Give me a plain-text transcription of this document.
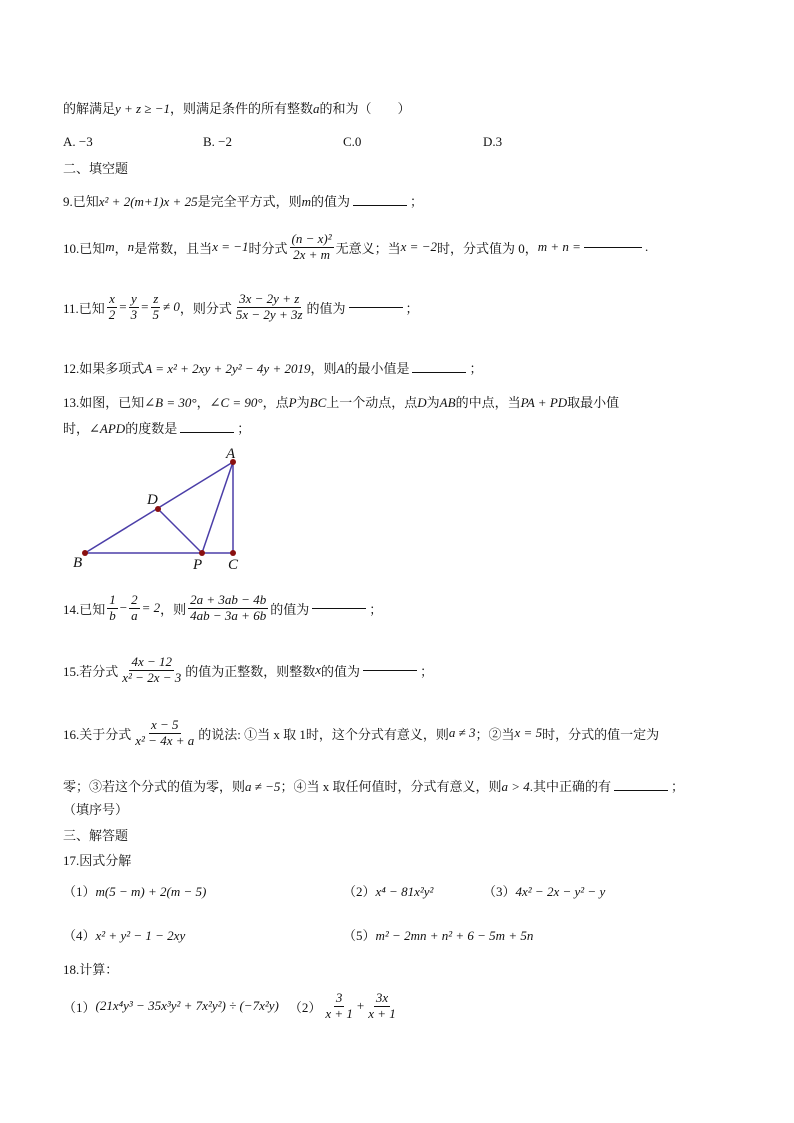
的解满足y + z ≥ −1，则满足条件的所有整数a的和为（　　）
A. −3	B. −2	C.0	D.3
二、填空题
9.已知x² + 2(m+1)x + 25是完全平方式，则m的值为	；
10.已知 m ， n 是常数，且当 x = −1 时分式 $\frac{\text{(n − x)²}}{2x + m}$ 无意义；当 x = −2 时，分式值为 0， m + n =	.
11.已知 $\frac{x}{2} = \frac{y}{3} = \frac{z}{5} \ne 0$ ，则分式 $\frac{3x - 2y + z}{5x - 2y + 3z}$ 的值为	；
12.如果多项式A = x² + 2xy + 2y² − 4y + 2019，则A的最小值是	；
13.如图，已知∠B = 30°，∠C = 90°，点P为BC上一个动点，点D为AB的中点，当PA + PD取最小值
时，∠APD的度数是	；
A
B	C
D
P
14.已知 $\frac{1}{b} - \frac{2}{a} = 2$ ，则 $\frac{2a + 3ab - 4b}{4ab - 3a + 6b}$ 的值为	；
15.若分式 $\frac{4x - 12}{\text{x² − 2x − 3}}$ 的值为正整数，则整数 x 的值为	；
16.关于分式 $\frac{x - 5}{\text{x² − 4x + a}}$ 的说法: ①当 x 取 1时，这个分式有意义，则 a ≠ 3 ；②当 x = 5 时，分式的值一定为
零；③若这个分式的值为零，则a ≠ −5；④当 x 取任何值时，分式有意义，则a > 4.其中正确的有	；
（填序号）
三、解答题
17.因式分解
（1）m(5 − m) + 2(m − 5)	（2）x⁴ − 81x²y²	（3）4x² − 2x − y² − y
（4）x² + y² − 1 − 2xy	（5）m² − 2mn + n² + 6 − 5m + 5n
18.计算：
（1） (21x⁴y³ − 35x³y² + 7x²y²) ÷ (−7x²y) $(2) \frac{3}{x + 1} + \frac{3x}{x + 1}$
